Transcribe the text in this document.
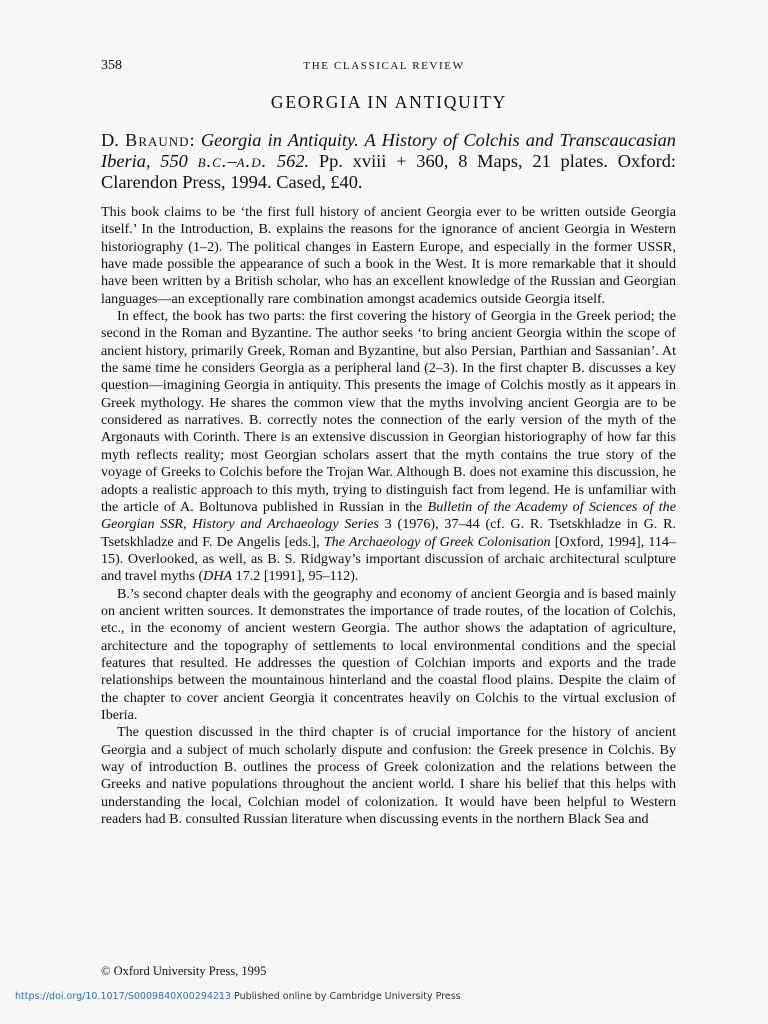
358	THE CLASSICAL REVIEW
GEORGIA IN ANTIQUITY
D. Braund: Georgia in Antiquity. A History of Colchis and Transcaucasian Iberia, 550 b.c.–a.d. 562. Pp. xviii + 360, 8 Maps, 21 plates. Oxford: Clarendon Press, 1994. Cased, £40.

This book claims to be ‘the first full history of ancient Georgia ever to be written outside Georgia itself.’ In the Introduction, B. explains the reasons for the ignorance of ancient Georgia in Western historiography (1–2). The political changes in Eastern Europe, and especially in the former USSR, have made possible the appearance of such a book in the West. It is more remarkable that it should have been written by a British scholar, who has an excellent knowledge of the Russian and Georgian languages—an exceptionally rare combination amongst academics outside Georgia itself.

In effect, the book has two parts: the first covering the history of Georgia in the Greek period; the second in the Roman and Byzantine. The author seeks ‘to bring ancient Georgia within the scope of ancient history, primarily Greek, Roman and Byzantine, but also Persian, Parthian and Sassanian’. At the same time he considers Georgia as a peripheral land (2–3). In the first chapter B. discusses a key question—imagining Georgia in antiquity. This presents the image of Colchis mostly as it appears in Greek mythology. He shares the common view that the myths involving ancient Georgia are to be considered as narratives. B. correctly notes the connection of the early version of the myth of the Argonauts with Corinth. There is an extensive discussion in Georgian historiography of how far this myth reflects reality; most Georgian scholars assert that the myth contains the true story of the voyage of Greeks to Colchis before the Trojan War. Although B. does not examine this discussion, he adopts a realistic approach to this myth, trying to distinguish fact from legend. He is unfamiliar with the article of A. Boltunova published in Russian in the Bulletin of the Academy of Sciences of the Georgian SSR, History and Archaeology Series 3 (1976), 37–44 (cf. G. R. Tsetskhladze in G. R. Tsetskhladze and F. De Angelis [eds.], The Archaeology of Greek Colonisation [Oxford, 1994], 114–15). Overlooked, as well, as B. S. Ridgway’s important discussion of archaic architectural sculpture and travel myths (DHA 17.2 [1991], 95–112).

B.’s second chapter deals with the geography and economy of ancient Georgia and is based mainly on ancient written sources. It demonstrates the importance of trade routes, of the location of Colchis, etc., in the economy of ancient western Georgia. The author shows the adaptation of agriculture, architecture and the topography of settlements to local environmental conditions and the special features that resulted. He addresses the question of Colchian imports and exports and the trade relationships between the mountainous hinterland and the coastal flood plains. Despite the claim of the chapter to cover ancient Georgia it concentrates heavily on Colchis to the virtual exclusion of Iberia.

The question discussed in the third chapter is of crucial importance for the history of ancient Georgia and a subject of much scholarly dispute and confusion: the Greek presence in Colchis. By way of introduction B. outlines the process of Greek colonization and the relations between the Greeks and native populations throughout the ancient world. I share his belief that this helps with understanding the local, Colchian model of colonization. It would have been helpful to Western readers had B. consulted Russian literature when discussing events in the northern Black Sea and

© Oxford University Press, 1995
https://doi.org/10.1017/S0009840X00294213 Published online by Cambridge University Press
